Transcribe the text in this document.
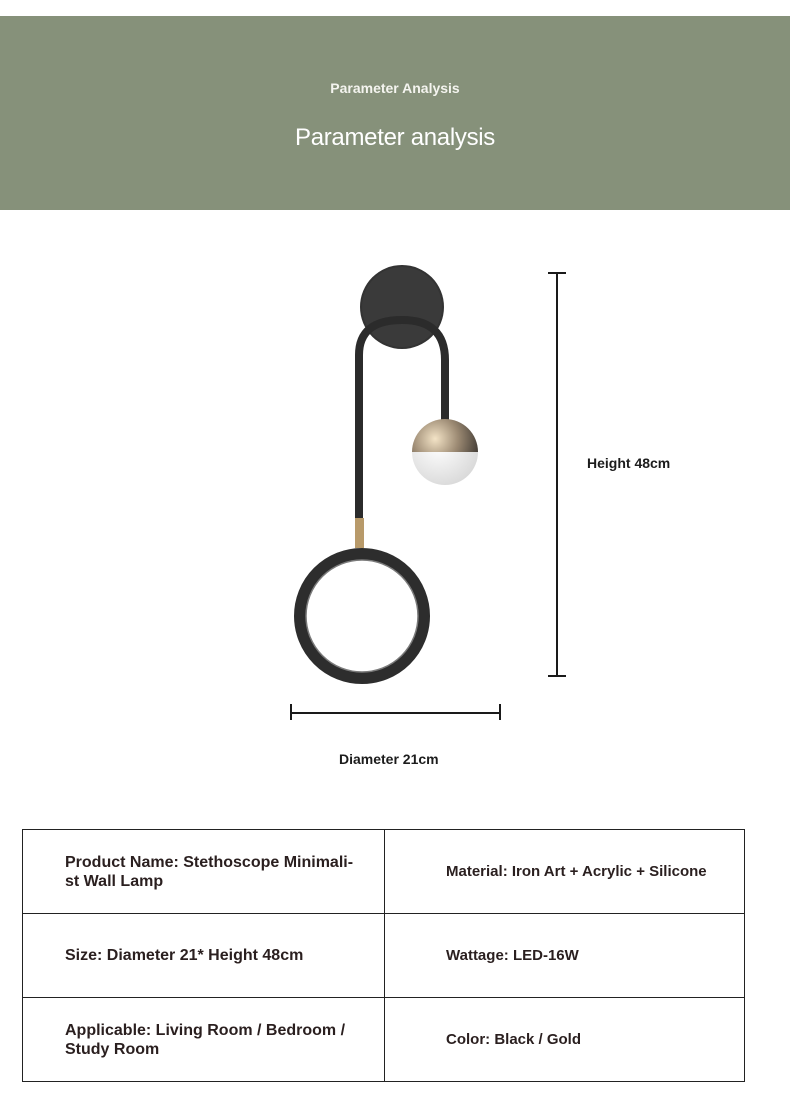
Parameter Analysis
Parameter analysis
Height 48cm
Diameter 21cm
Product Name: Stethoscope Minimali-st Wall Lamp	Material: Iron Art + Acrylic + Silicone
Size: Diameter 21* Height 48cm	Wattage: LED-16W
Applicable: Living Room / Bedroom / Study Room	Color: Black / Gold
